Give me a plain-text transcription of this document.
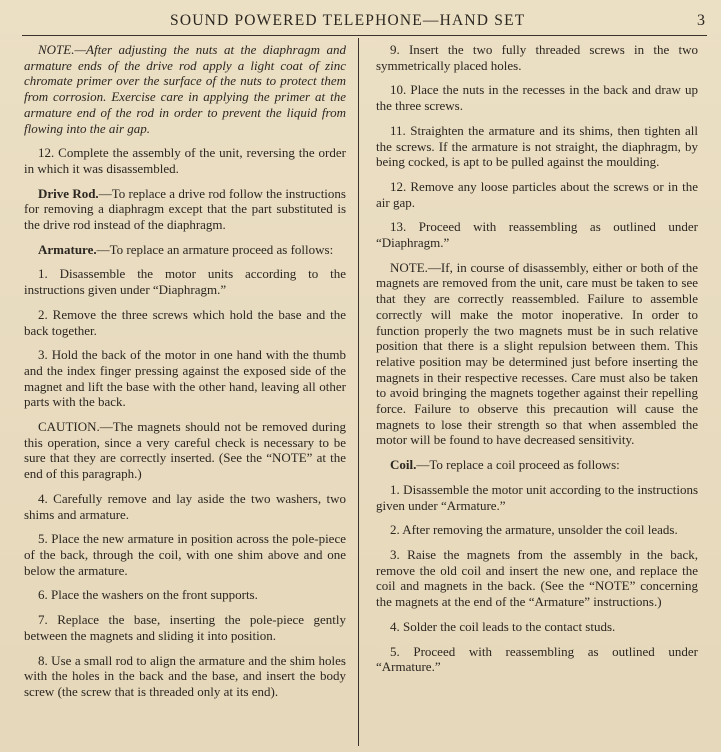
SOUND POWERED TELEPHONE—HAND SET	3

NOTE.—After adjusting the nuts at the diaphragm and armature ends of the drive rod apply a light coat of zinc chromate primer over the surface of the nuts to protect them from corrosion. Exercise care in applying the primer at the armature end of the rod in order to prevent the liquid from flowing into the air gap.

12. Complete the assembly of the unit, reversing the order in which it was disassembled.

Drive Rod.—To replace a drive rod follow the instructions for removing a diaphragm except that the part substituted is the drive rod instead of the diaphragm.

Armature.—To replace an armature proceed as follows:

1. Disassemble the motor units according to the instructions given under “Diaphragm.”

2. Remove the three screws which hold the base and the back together.

3. Hold the back of the motor in one hand with the thumb and the index finger pressing against the exposed side of the magnet and lift the base with the other hand, leaving all other parts with the back.

CAUTION.—The magnets should not be removed during this operation, since a very careful check is necessary to be sure that they are correctly inserted. (See the “NOTE” at the end of this paragraph.)

4. Carefully remove and lay aside the two washers, two shims and armature.

5. Place the new armature in position across the pole-piece of the back, through the coil, with one shim above and one below the armature.

6. Place the washers on the front supports.

7. Replace the base, inserting the pole-piece gently between the magnets and sliding it into position.

8. Use a small rod to align the armature and the shim holes with the holes in the back and the base, and insert the body screw (the screw that is threaded only at its end).

9. Insert the two fully threaded screws in the two symmetrically placed holes.

10. Place the nuts in the recesses in the back and draw up the three screws.

11. Straighten the armature and its shims, then tighten all the screws. If the armature is not straight, the diaphragm, by being cocked, is apt to be pulled against the moulding.

12. Remove any loose particles about the screws or in the air gap.

13. Proceed with reassembling as outlined under “Diaphragm.”

NOTE.—If, in course of disassembly, either or both of the magnets are removed from the unit, care must be taken to see that they are correctly reassembled. Failure to assemble correctly will make the motor inoperative. In order to function properly the two magnets must be in such relative position that there is a slight repulsion between them. This relative position may be determined just before inserting the magnets in their respective recesses. Care must also be taken to avoid bringing the magnets together against their repelling force. Failure to observe this precaution will cause the magnets to lose their strength so that when assembled the motor will be found to have decreased sensitivity.

Coil.—To replace a coil proceed as follows:

1. Disassemble the motor unit according to the instructions given under “Armature.”

2. After removing the armature, unsolder the coil leads.

3. Raise the magnets from the assembly in the back, remove the old coil and insert the new one, and replace the coil and magnets in the back. (See the “NOTE” concerning the magnets at the end of the “Armature” instructions.)

4. Solder the coil leads to the contact studs.

5. Proceed with reassembling as outlined under “Armature.”
